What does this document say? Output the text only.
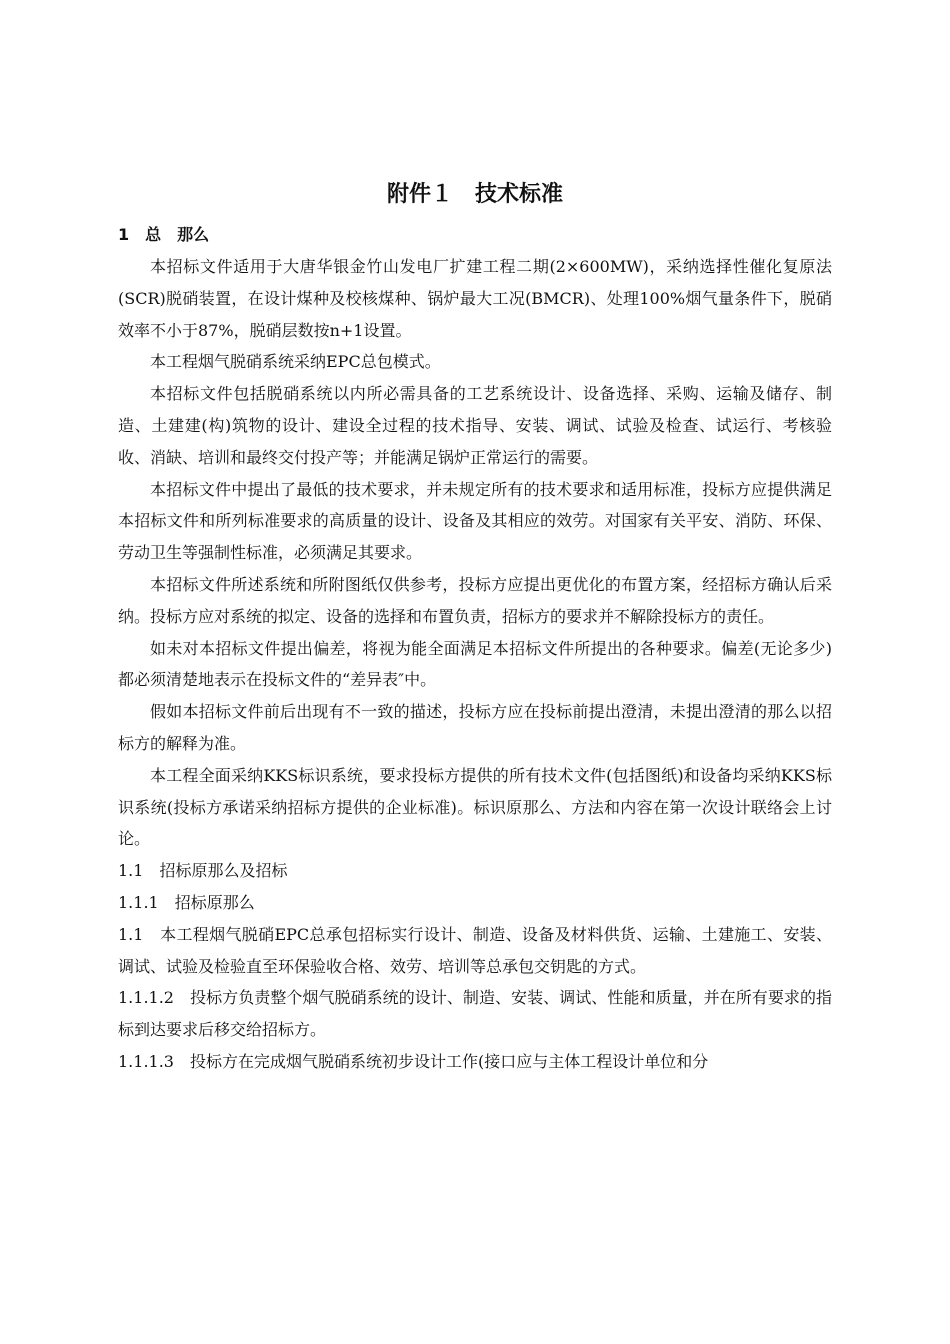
附件１　技术标准

1　总　那么

本招标文件适用于大唐华银金竹山发电厂扩建工程二期(2×600MW)，采纳选择性催化复原法(SCR)脱硝装置，在设计煤种及校核煤种、锅炉最大工况(BMCR)、处理100%烟气量条件下，脱硝效率不小于87%，脱硝层数按n+1设置。

本工程烟气脱硝系统采纳EPC总包模式。

本招标文件包括脱硝系统以内所必需具备的工艺系统设计、设备选择、采购、运输及储存、制造、土建建(构)筑物的设计、建设全过程的技术指导、安装、调试、试验及检查、试运行、考核验收、消缺、培训和最终交付投产等；并能满足锅炉正常运行的需要。

本招标文件中提出了最低的技术要求，并未规定所有的技术要求和适用标准，投标方应提供满足本招标文件和所列标准要求的高质量的设计、设备及其相应的效劳。对国家有关平安、消防、环保、劳动卫生等强制性标准，必须满足其要求。

本招标文件所述系统和所附图纸仅供参考，投标方应提出更优化的布置方案，经招标方确认后采纳。投标方应对系统的拟定、设备的选择和布置负责，招标方的要求并不解除投标方的责任。

如未对本招标文件提出偏差，将视为能全面满足本招标文件所提出的各种要求。偏差(无论多少)都必须清楚地表示在投标文件的“差异表″中。

假如本招标文件前后出现有不一致的描述，投标方应在投标前提出澄清，未提出澄清的那么以招标方的解释为准。

本工程全面采纳KKS标识系统，要求投标方提供的所有技术文件(包括图纸)和设备均采纳KKS标识系统(投标方承诺采纳招标方提供的企业标准)。标识原那么、方法和内容在第一次设计联络会上讨论。

1.1　招标原那么及招标

1.1.1　招标原那么

1.1　本工程烟气脱硝EPC总承包招标实行设计、制造、设备及材料供货、运输、土建施工、安装、调试、试验及检验直至环保验收合格、效劳、培训等总承包交钥匙的方式。

1.1.1.2　投标方负责整个烟气脱硝系统的设计、制造、安装、调试、性能和质量，并在所有要求的指标到达要求后移交给招标方。

1.1.1.3　投标方在完成烟气脱硝系统初步设计工作(接口应与主体工程设计单位和分
